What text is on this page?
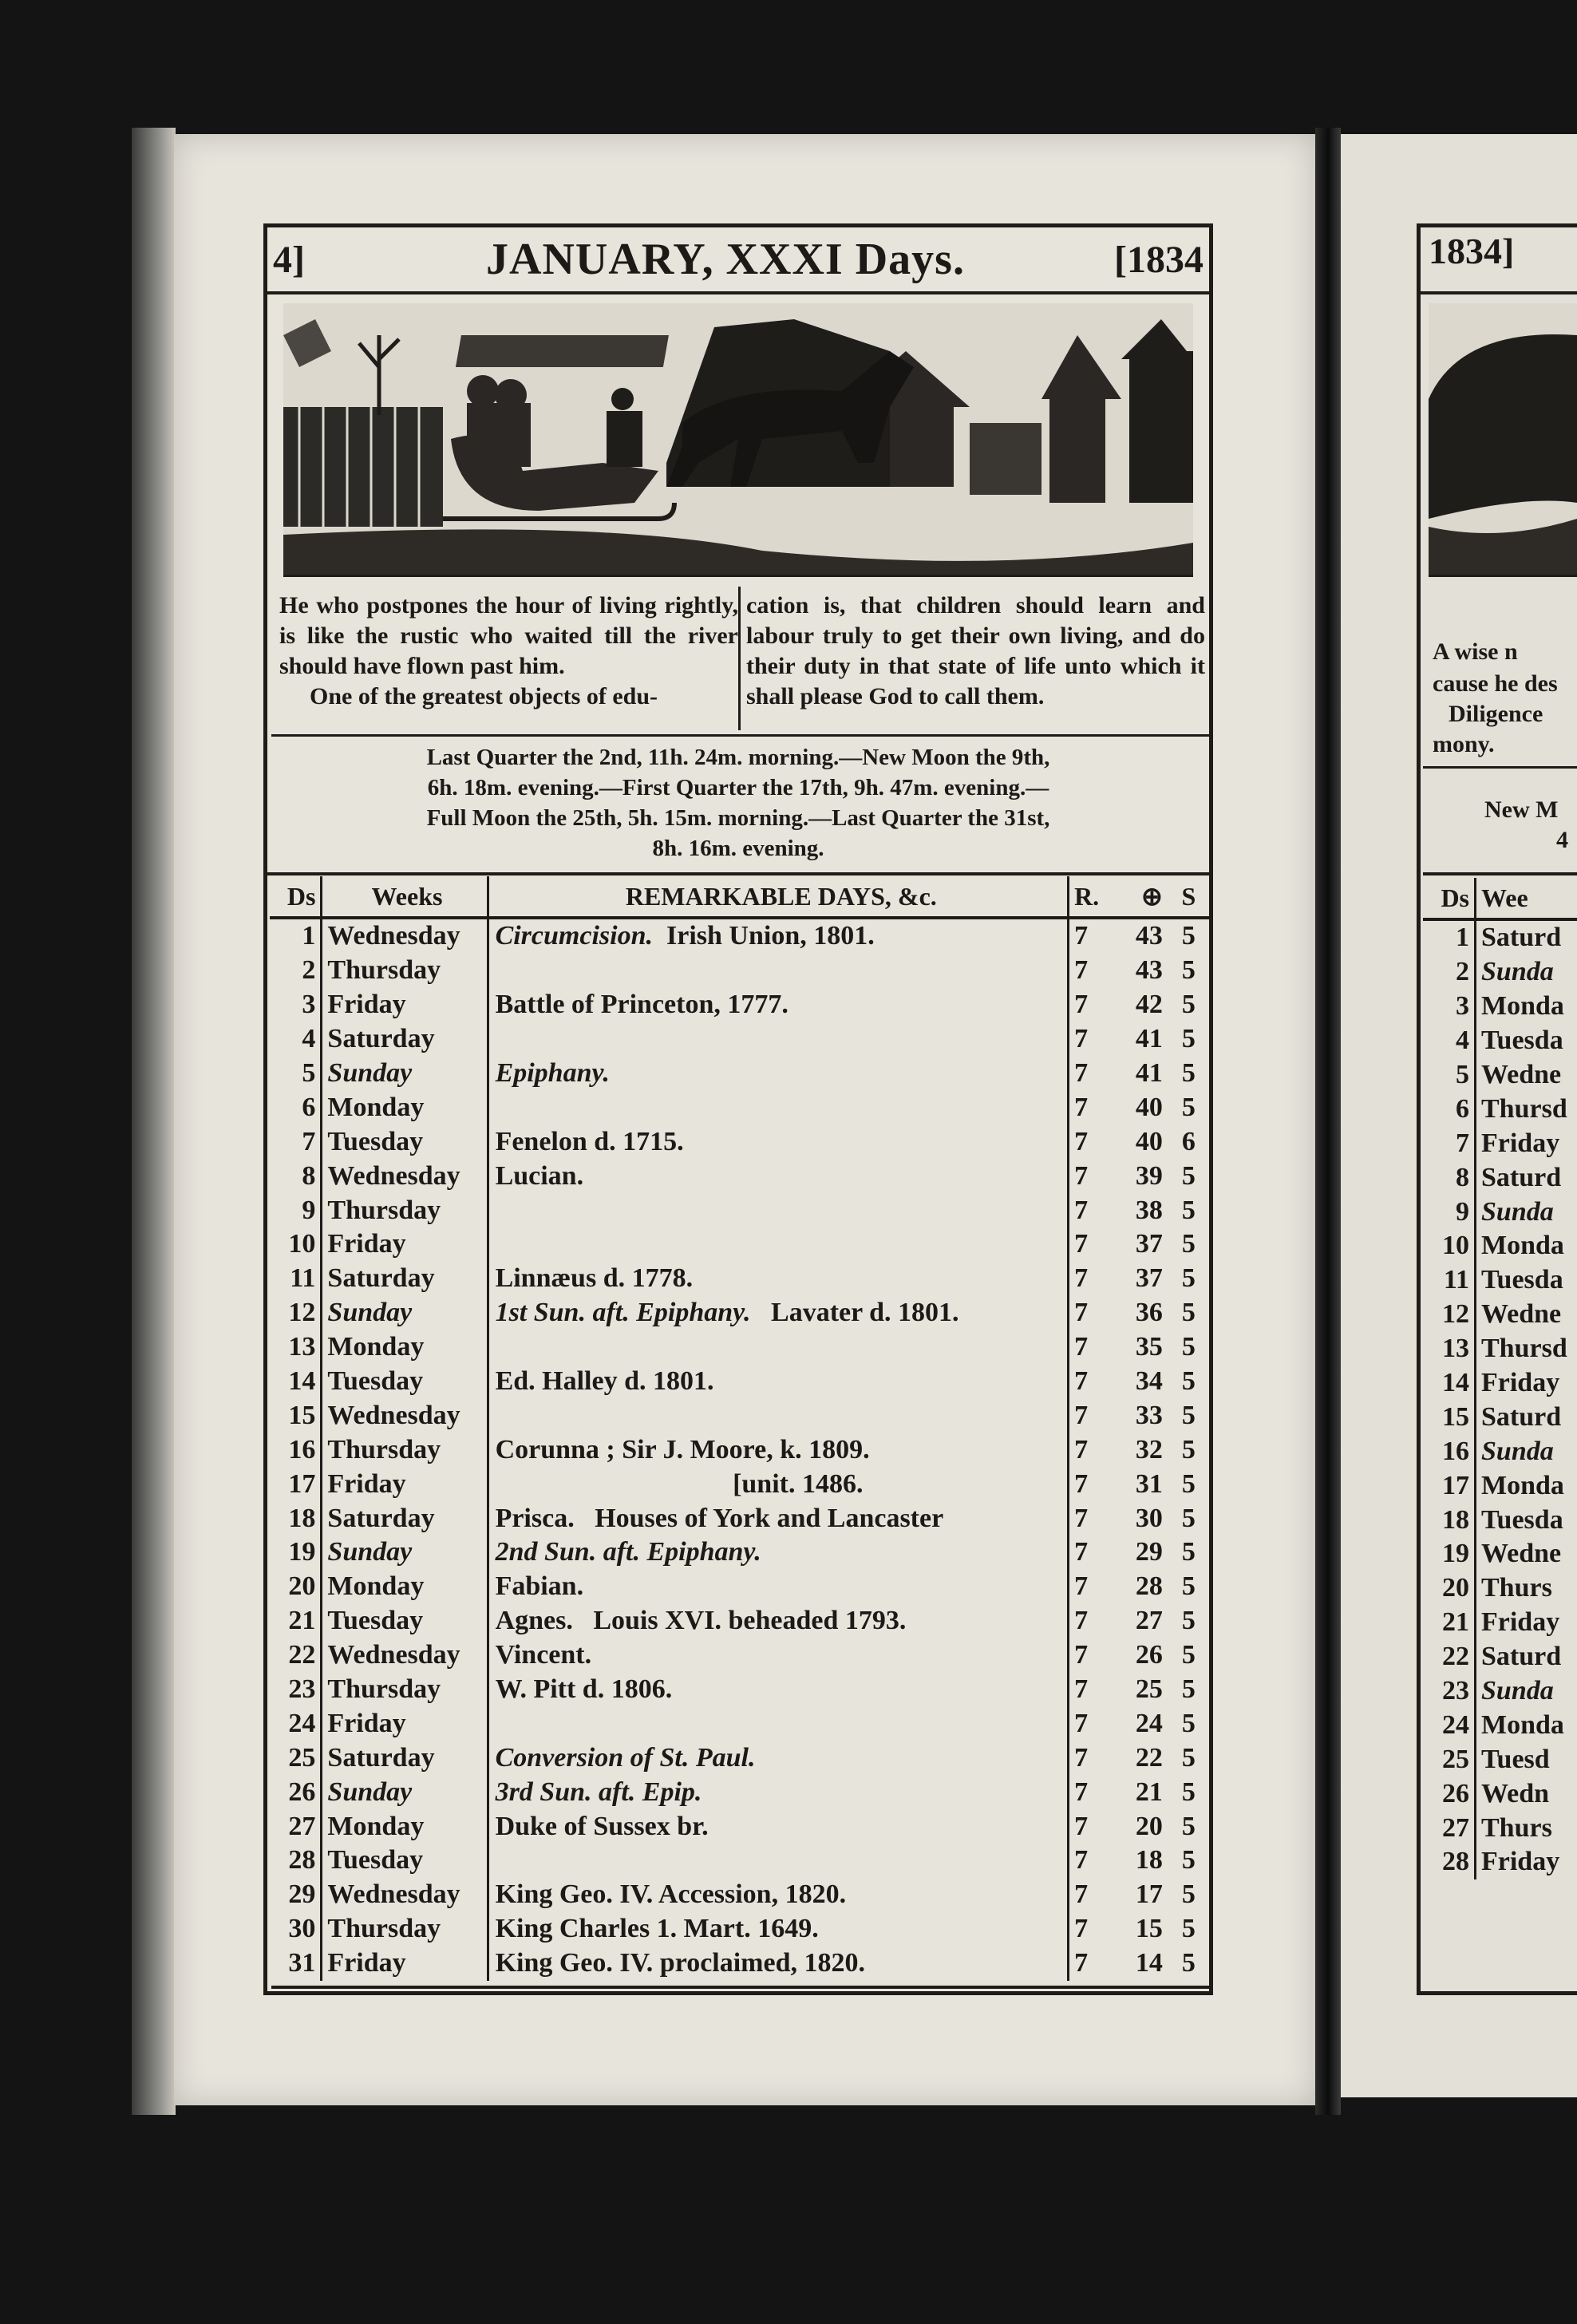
4]	JANUARY, XXXI Days.	[1834

He who postpones the hour of living rightly, is like the rustic who waited till the river should have flown past him.

One of the greatest objects of edu-

cation is, that children should learn and labour truly to get their own living, and do their duty in that state of life unto which it shall please God to call them.

Last Quarter the 2nd, 11h. 24m. morning.—New Moon the 9th,
6h. 18m. evening.—First Quarter the 17th, 9h. 47m. evening.—
Full Moon the 25th, 5h. 15m. morning.—Last Quarter the 31st,
8h. 16m. evening.
Ds	Weeks	REMARKABLE DAYS, &c.	R.	⊕	S
1	Wednesday	Circumcision.  Irish Union, 1801.	7	43	5
2	Thursday		7	43	5
3	Friday	Battle of Princeton, 1777.	7	42	5
4	Saturday		7	41	5
5	Sunday	Epiphany.	7	41	5
6	Monday		7	40	5
7	Tuesday	Fenelon d. 1715.	7	40	6
8	Wednesday	Lucian.	7	39	5
9	Thursday		7	38	5
10	Friday		7	37	5
11	Saturday	Linnæus d. 1778.	7	37	5
12	Sunday	1st Sun. aft. Epiphany.   Lavater d. 1801.	7	36	5
13	Monday		7	35	5
14	Tuesday	Ed. Halley d. 1801.	7	34	5
15	Wednesday		7	33	5
16	Thursday	Corunna ; Sir J. Moore, k. 1809.	7	32	5
17	Friday	[unit. 1486.	7	31	5
18	Saturday	Prisca.   Houses of York and Lancaster	7	30	5
19	Sunday	2nd Sun. aft. Epiphany.	7	29	5
20	Monday	Fabian.	7	28	5
21	Tuesday	Agnes.   Louis XVI. beheaded 1793.	7	27	5
22	Wednesday	Vincent.	7	26	5
23	Thursday	W. Pitt d. 1806.	7	25	5
24	Friday		7	24	5
25	Saturday	Conversion of St. Paul.	7	22	5
26	Sunday	3rd Sun. aft. Epip.	7	21	5
27	Monday	Duke of Sussex br.	7	20	5
28	Tuesday		7	18	5
29	Wednesday	King Geo. IV. Accession, 1820.	7	17	5
30	Thursday	King Charles 1. Mart. 1649.	7	15	5
31	Friday	King Geo. IV. proclaimed, 1820.	7	14	5
1834]
A wise n
cause he des
Diligence
mony.
New M
4
Ds	Wee
1	Saturd
2	Sunda
3	Monda
4	Tuesda
5	Wedne
6	Thursd
7	Friday
8	Saturd
9	Sunda
10	Monda
11	Tuesda
12	Wedne
13	Thursd
14	Friday
15	Saturd
16	Sunda
17	Monda
18	Tuesda
19	Wedne
20	Thurs
21	Friday
22	Saturd
23	Sunda
24	Monda
25	Tuesd
26	Wedn
27	Thurs
28	Friday
